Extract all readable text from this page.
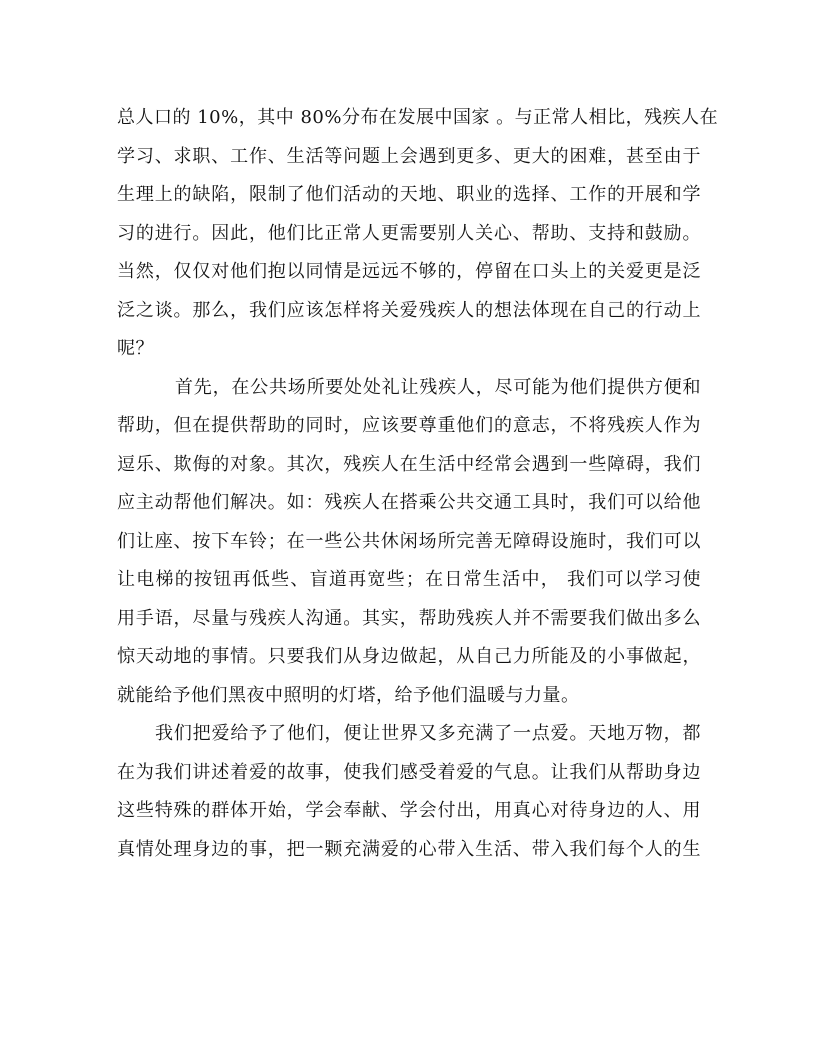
总人口的 10%，其中 80%分布在发展中国家 。与正常人相比，残疾人在
学习、求职、工作、生活等问题上会遇到更多、更大的困难，甚至由于
生理上的缺陷，限制了他们活动的天地、职业的选择、工作的开展和学
习的进行。因此，他们比正常人更需要别人关心、帮助、支持和鼓励。
当然，仅仅对他们抱以同情是远远不够的，停留在口头上的关爱更是泛
泛之谈。那么，我们应该怎样将关爱残疾人的想法体现在自己的行动上
呢？
首先，在公共场所要处处礼让残疾人，尽可能为他们提供方便和
帮助，但在提供帮助的同时，应该要尊重他们的意志，不将残疾人作为
逗乐、欺侮的对象。其次，残疾人在生活中经常会遇到一些障碍，我们
应主动帮他们解决。如：残疾人在搭乘公共交通工具时，我们可以给他
们让座、按下车铃；在一些公共休闲场所完善无障碍设施时，我们可以
让电梯的按钮再低些、盲道再宽些；在日常生活中， 我们可以学习使
用手语，尽量与残疾人沟通。其实，帮助残疾人并不需要我们做出多么
惊天动地的事情。只要我们从身边做起，从自己力所能及的小事做起，
就能给予他们黑夜中照明的灯塔，给予他们温暖与力量。
我们把爱给予了他们，便让世界又多充满了一点爱。天地万物，都
在为我们讲述着爱的故事，使我们感受着爱的气息。让我们从帮助身边
这些特殊的群体开始，学会奉献、学会付出，用真心对待身边的人、用
真情处理身边的事，把一颗充满爱的心带入生活、带入我们每个人的生
